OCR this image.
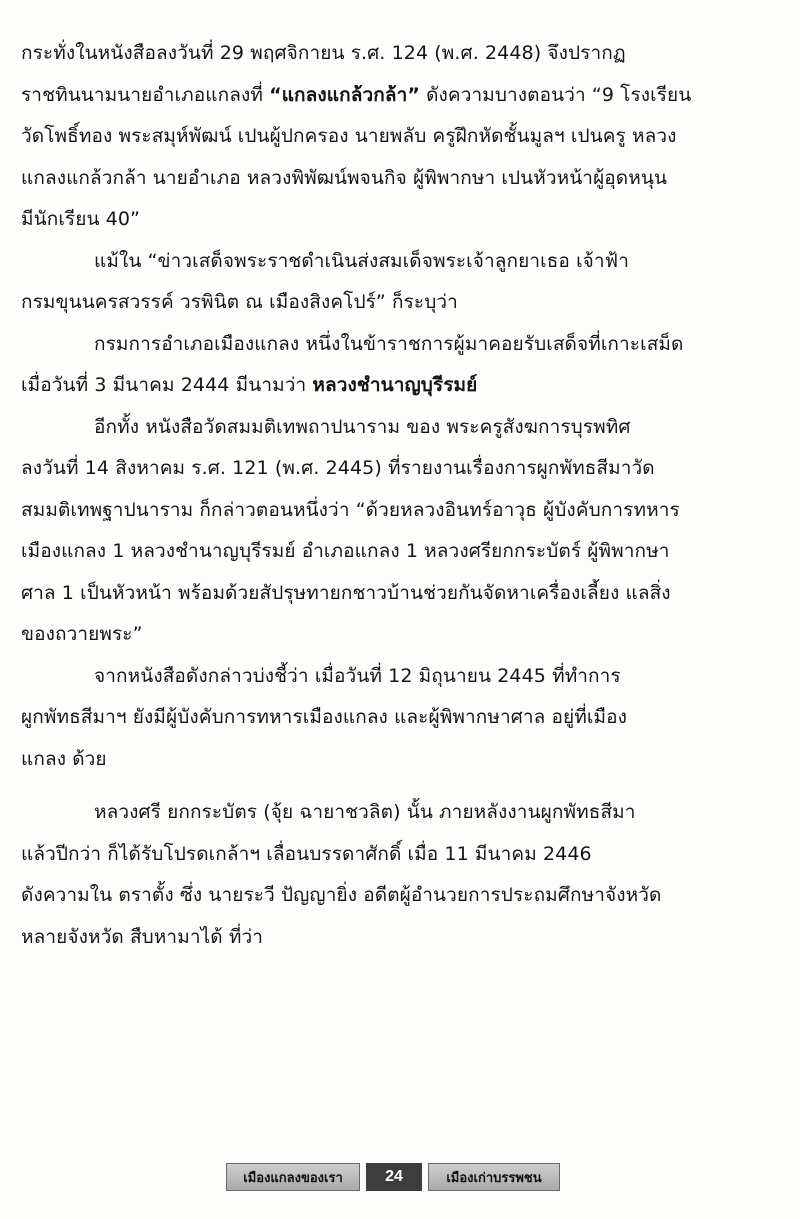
กระทั่งในหนังสือลงวันที่ 29 พฤศจิกายน ร.ศ. 124 (พ.ศ. 2448) จึงปรากฏ
ราชทินนามนายอำเภอแกลงที่ “แกลงแกล้วกล้า” ดังความบางตอนว่า “9 โรงเรียน
วัดโพธิ์ทอง พระสมุห์พัฒน์ เปนผู้ปกครอง นายพลับ ครูฝึกหัดชั้นมูลฯ เปนครู หลวง
แกลงแกล้วกล้า นายอำเภอ หลวงพิพัฒน์พจนกิจ ผู้พิพากษา เปนหัวหน้าผู้อุดหนุน
มีนักเรียน 40”
แม้ใน “ข่าวเสด็จพระราชดำเนินส่งสมเด็จพระเจ้าลูกยาเธอ เจ้าฟ้า
กรมขุนนครสวรรค์ วรพินิต ณ เมืองสิงคโปร์” ก็ระบุว่า
กรมการอำเภอเมืองแกลง หนึ่งในข้าราชการผู้มาคอยรับเสด็จที่เกาะเสม็ด
เมื่อวันที่ 3 มีนาคม 2444 มีนามว่า หลวงชำนาญบุรีรมย์
อีกทั้ง หนังสือวัดสมมติเทพถาปนาราม ของ พระครูสังฆการบุรพทิศ
ลงวันที่ 14 สิงหาคม ร.ศ. 121 (พ.ศ. 2445) ที่รายงานเรื่องการผูกพัทธสีมาวัด
สมมติเทพฐาปนาราม ก็กล่าวตอนหนึ่งว่า “ด้วยหลวงอินทร์อาวุธ ผู้บังคับการทหาร
เมืองแกลง 1 หลวงชำนาญบุรีรมย์ อำเภอแกลง 1 หลวงศรียกกระบัตร์ ผู้พิพากษา
ศาล 1 เป็นหัวหน้า พร้อมด้วยสัปรุษทายกชาวบ้านช่วยกันจัดหาเครื่องเลี้ยง แลสิ่ง
ของถวายพระ”
จากหนังสือดังกล่าวบ่งชี้ว่า เมื่อวันที่ 12 มิถุนายน 2445 ที่ทำการ
ผูกพัทธสีมาฯ ยังมีผู้บังคับการทหารเมืองแกลง และผู้พิพากษาศาล อยู่ที่เมือง
แกลง ด้วย
หลวงศรี ยกกระบัตร (จุ้ย ฉายาชวลิต) นั้น ภายหลังงานผูกพัทธสีมา
แล้วปีกว่า ก็ได้รับโปรดเกล้าฯ เลื่อนบรรดาศักดิ์ เมื่อ 11 มีนาคม 2446
ดังความใน ตราตั้ง ซึ่ง นายระวี ปัญญายิ่ง อดีตผู้อำนวยการประถมศึกษาจังหวัด
หลายจังหวัด สืบหามาได้ ที่ว่า
เมืองแกลงของเรา	24	เมืองเก่าบรรพชน
